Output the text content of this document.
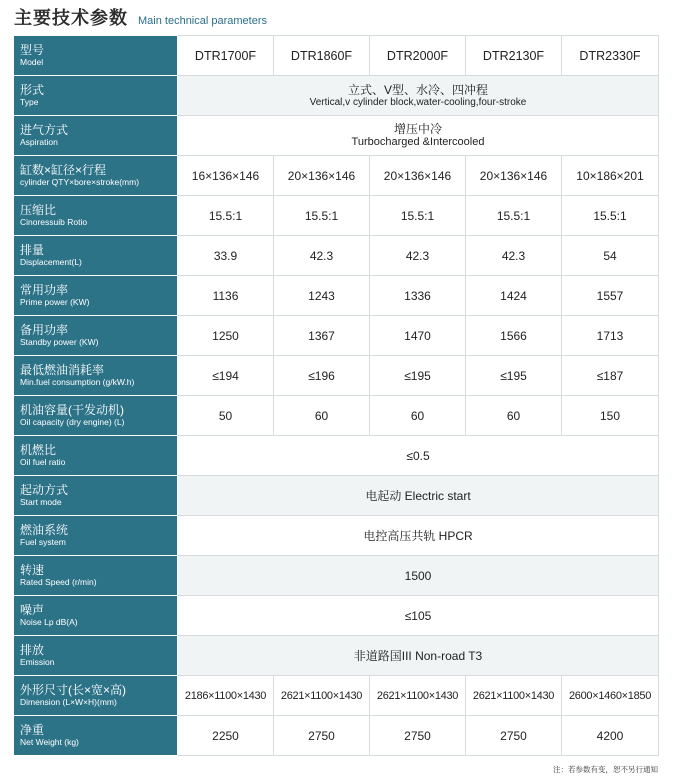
主要技术参数 Main technical parameters
型号
Model	DTR1700F	DTR1860F	DTR2000F	DTR2130F	DTR2330F

形式
Type	立式、V型、水冷、四冲程
Vertical,v cylinder block,water-cooling,four-stroke				

进气方式
Aspiration	增压中冷
Turbocharged &Intercooled				

缸数×缸径×行程
cylinder QTY×bore×stroke(mm)	16×136×146	20×136×146	20×136×146	20×136×146	10×186×201

压缩比
Cinoressuib Rotio	15.5:1	15.5:1	15.5:1	15.5:1	15.5:1

排量
Displacement(L)	33.9	42.3	42.3	42.3	54

常用功率
Prime power (KW)	1136	1243	1336	1424	1557

备用功率
Standby power (KW)	1250	1367	1470	1566	1713

最低燃油消耗率
Min.fuel consumption (g/kW.h)	≤194	≤196	≤195	≤195	≤187

机油容量(干发动机)
Oil capacity (dry engine) (L)	50	60	60	60	150

机燃比
Oil fuel ratio	≤0.5				

起动方式
Start mode	电起动 Electric start				

燃油系统
Fuel system	电控高压共轨 HPCR				

转速
Rated Speed (r/min)	1500				

噪声
Noise Lp dB(A)	≤105				

排放
Emission	非道路国III Non-road T3				

外形尺寸(长×宽×高)
Dimension (L×W×H)(mm)	2186×1100×1430	2621×1100×1430	2621×1100×1430	2621×1100×1430	2600×1460×1850

净重
Net Weight (kg)	2250	2750	2750	2750	4200
注：若参数有变，恕不另行通知
